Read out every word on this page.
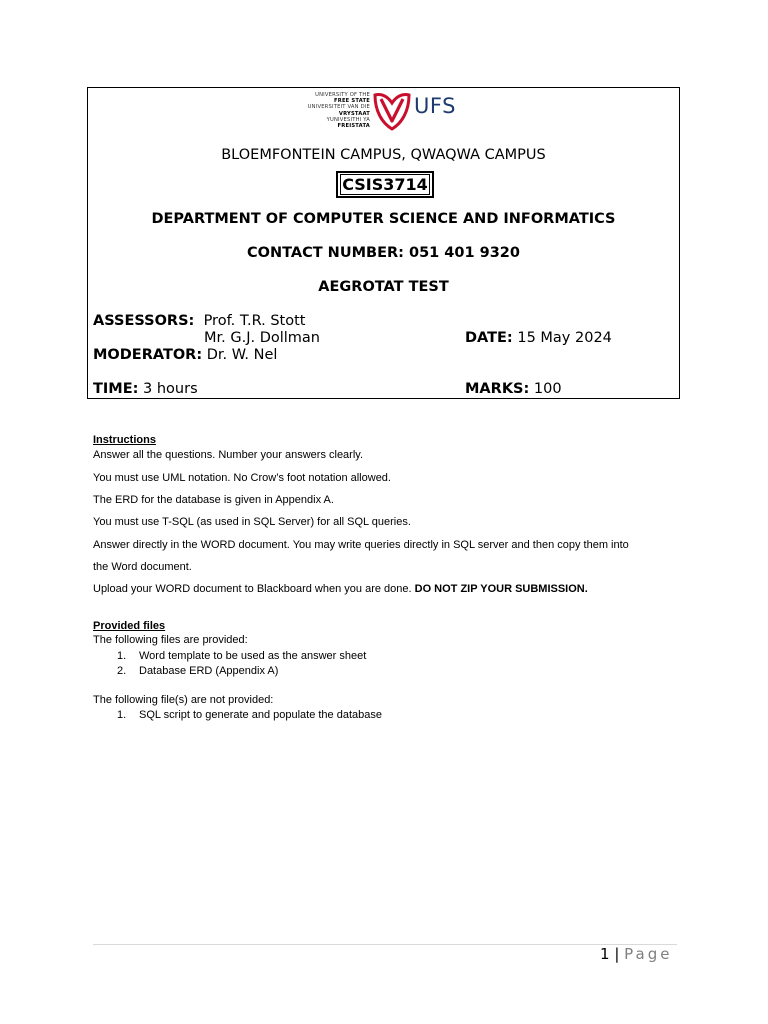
UNIVERSITY OF THE
FREE STATE
UNIVERSITEIT VAN DIE
VRYSTAAT
YUNIVESITHI YA
FREISTATA
UFS
BLOEMFONTEIN CAMPUS, QWAQWA CAMPUS
CSIS3714
DEPARTMENT OF COMPUTER SCIENCE AND INFORMATICS
CONTACT NUMBER: 051 401 9320
AEGROTAT TEST
ASSESSORS: Prof. T.R. Stott
Mr. G.J. Dollman	DATE: 15 May 2024
MODERATOR: Dr. W. Nel
TIME: 3 hours	MARKS: 100
Instructions
Answer all the questions. Number your answers clearly.
You must use UML notation. No Crow’s foot notation allowed.
The ERD for the database is given in Appendix A.
You must use T-SQL (as used in SQL Server) for all SQL queries.
Answer directly in the WORD document. You may write queries directly in SQL server and then copy them into
the Word document.
Upload your WORD document to Blackboard when you are done. DO NOT ZIP YOUR SUBMISSION.
Provided files
The following files are provided:
1. Word template to be used as the answer sheet
2. Database ERD (Appendix A)
The following file(s) are not provided:
1. SQL script to generate and populate the database
1 | Page
